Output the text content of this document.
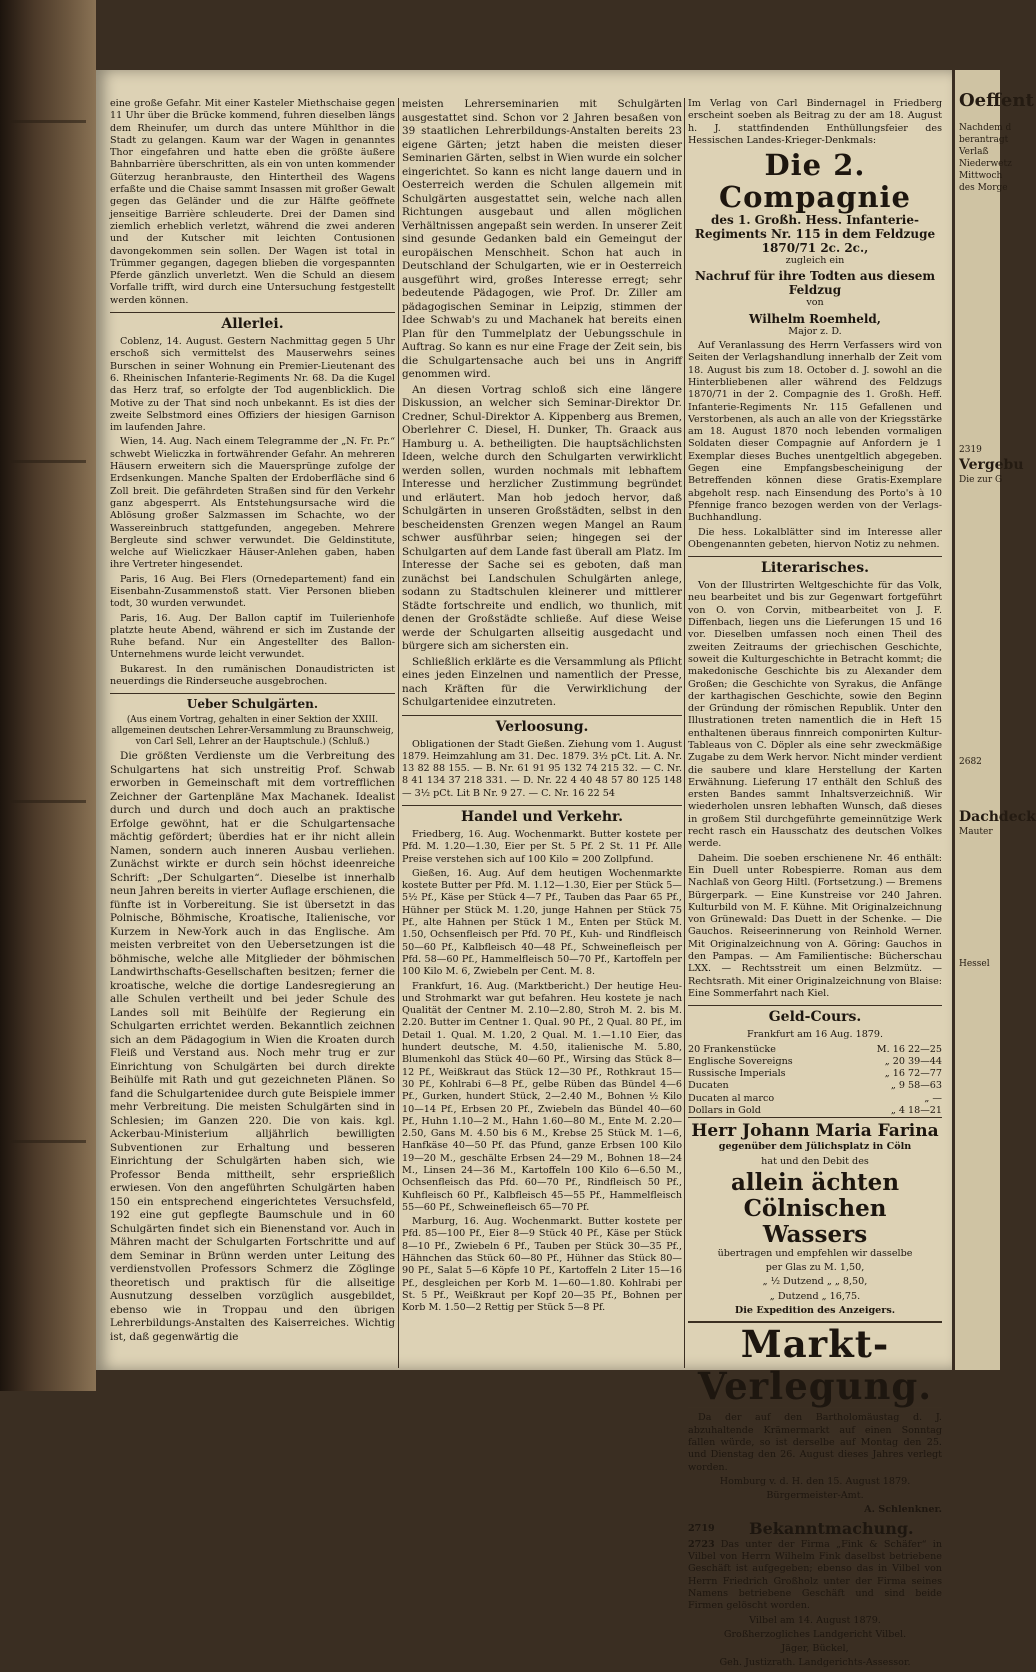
eine große Gefahr. Mit einer Kasteler Miethschaise gegen 11 Uhr über die Brücke kommend, fuhren dieselben längs dem Rheinufer, um durch das untere Mühlthor in die Stadt zu gelangen. Kaum war der Wagen in genanntes Thor eingefahren und hatte eben die größte äußere Bahnbarrière überschritten, als ein von unten kommender Güterzug heranbrauste, den Hintertheil des Wagens erfaßte und die Chaise sammt Insassen mit großer Gewalt gegen das Geländer und die zur Hälfte geöffnete jenseitige Barrière schleuderte. Drei der Damen sind ziemlich erheblich verletzt, während die zwei anderen und der Kutscher mit leichten Contusionen davongekommen sein sollen. Der Wagen ist total in Trümmer gegangen, dagegen blieben die vorgespannten Pferde gänzlich unverletzt. Wen die Schuld an diesem Vorfalle trifft, wird durch eine Untersuchung festgestellt werden können.

Allerlei.

Coblenz, 14. August. Gestern Nachmittag gegen 5 Uhr erschoß sich vermittelst des Mauserwehrs seines Burschen in seiner Wohnung ein Premier-Lieutenant des 6. Rheinischen Infanterie-Regiments Nr. 68. Da die Kugel das Herz traf, so erfolgte der Tod augenblicklich. Die Motive zu der That sind noch unbekannt. Es ist dies der zweite Selbstmord eines Offiziers der hiesigen Garnison im laufenden Jahre.

Wien, 14. Aug. Nach einem Telegramme der „N. Fr. Pr.“ schwebt Wieliczka in fortwährender Gefahr. An mehreren Häusern erweitern sich die Mauersprünge zufolge der Erdsenkungen. Manche Spalten der Erdoberfläche sind 6 Zoll breit. Die gefährdeten Straßen sind für den Verkehr ganz abgesperrt. Als Entstehungsursache wird die Ablösung großer Salzmassen im Schachte, wo der Wassereinbruch stattgefunden, angegeben. Mehrere Bergleute sind schwer verwundet. Die Geldinstitute, welche auf Wieliczkaer Häuser-Anlehen gaben, haben ihre Vertreter hingesendet.

Paris, 16 Aug. Bei Flers (Ornedepartement) fand ein Eisenbahn-Zusammenstoß statt. Vier Personen blieben todt, 30 wurden verwundet.

Paris, 16. Aug. Der Ballon captif im Tuilerienhofe platzte heute Abend, während er sich im Zustande der Ruhe befand. Nur ein Angestellter des Ballon-Unternehmens wurde leicht verwundet.

Bukarest. In den rumänischen Donaudistricten ist neuerdings die Rinderseuche ausgebrochen.

Ueber Schulgärten.

(Aus einem Vortrag, gehalten in einer Sektion der XXIII. allgemeinen deutschen Lehrer-Versammlung zu Braunschweig, von Carl Sell, Lehrer an der Hauptschule.) (Schluß.)

Die größten Verdienste um die Verbreitung des Schulgartens hat sich unstreitig Prof. Schwab erworben in Gemeinschaft mit dem vortrefflichen Zeichner der Gartenpläne Max Machanek. Idealist durch und durch und doch auch an praktische Erfolge gewöhnt, hat er die Schulgartensache mächtig gefördert; überdies hat er ihr nicht allein Namen, sondern auch inneren Ausbau verliehen. Zunächst wirkte er durch sein höchst ideenreiche Schrift: „Der Schulgarten“. Dieselbe ist innerhalb neun Jahren bereits in vierter Auflage erschienen, die fünfte ist in Vorbereitung. Sie ist übersetzt in das Polnische, Böhmische, Kroatische, Italienische, vor Kurzem in New-York auch in das Englische. Am meisten verbreitet von den Uebersetzungen ist die böhmische, welche alle Mitglieder der böhmischen Landwirthschafts-Gesellschaften besitzen; ferner die kroatische, welche die dortige Landesregierung an alle Schulen vertheilt und bei jeder Schule des Landes soll mit Beihülfe der Regierung ein Schulgarten errichtet werden. Bekanntlich zeichnen sich an dem Pädagogium in Wien die Kroaten durch Fleiß und Verstand aus. Noch mehr trug er zur Einrichtung von Schulgärten bei durch direkte Beihülfe mit Rath und gut gezeichneten Plänen. So fand die Schulgartenidee durch gute Beispiele immer mehr Verbreitung. Die meisten Schulgärten sind in Schlesien; im Ganzen 220. Die von kais. kgl. Ackerbau-Ministerium alljährlich bewilligten Subventionen zur Erhaltung und besseren Einrichtung der Schulgärten haben sich, wie Professor Benda mittheilt, sehr ersprießlich erwiesen. Von den angeführten Schulgärten haben 150 ein entsprechend eingerichtetes Versuchsfeld, 192 eine gut gepflegte Baumschule und in 60 Schulgärten findet sich ein Bienenstand vor. Auch in Mähren macht der Schulgarten Fortschritte und auf dem Seminar in Brünn werden unter Leitung des verdienstvollen Professors Schmerz die Zöglinge theoretisch und praktisch für die allseitige Ausnutzung desselben vorzüglich ausgebildet, ebenso wie in Troppau und den übrigen Lehrerbildungs-Anstalten des Kaiserreiches. Wichtig ist, daß gegenwärtig die

meisten Lehrerseminarien mit Schulgärten ausgestattet sind. Schon vor 2 Jahren besaßen von 39 staatlichen Lehrerbildungs-Anstalten bereits 23 eigene Gärten; jetzt haben die meisten dieser Seminarien Gärten, selbst in Wien wurde ein solcher eingerichtet. So kann es nicht lange dauern und in Oesterreich werden die Schulen allgemein mit Schulgärten ausgestattet sein, welche nach allen Richtungen ausgebaut und allen möglichen Verhältnissen angepaßt sein werden. In unserer Zeit sind gesunde Gedanken bald ein Gemeingut der europäischen Menschheit. Schon hat auch in Deutschland der Schulgarten, wie er in Oesterreich ausgeführt wird, großes Interesse erregt; sehr bedeutende Pädagogen, wie Prof. Dr. Ziller am pädagogischen Seminar in Leipzig, stimmen der Idee Schwab's zu und Machanek hat bereits einen Plan für den Tummelplatz der Uebungsschule in Auftrag. So kann es nur eine Frage der Zeit sein, bis die Schulgartensache auch bei uns in Angriff genommen wird.

An diesen Vortrag schloß sich eine längere Diskussion, an welcher sich Seminar-Direktor Dr. Credner, Schul-Direktor A. Kippenberg aus Bremen, Oberlehrer C. Diesel, H. Dunker, Th. Graack aus Hamburg u. A. betheiligten. Die hauptsächlichsten Ideen, welche durch den Schulgarten verwirklicht werden sollen, wurden nochmals mit lebhaftem Interesse und herzlicher Zustimmung begründet und erläutert. Man hob jedoch hervor, daß Schulgärten in unseren Großstädten, selbst in den bescheidensten Grenzen wegen Mangel an Raum schwer ausführbar seien; hingegen sei der Schulgarten auf dem Lande fast überall am Platz. Im Interesse der Sache sei es geboten, daß man zunächst bei Landschulen Schulgärten anlege, sodann zu Stadtschulen kleinerer und mittlerer Städte fortschreite und endlich, wo thunlich, mit denen der Großstädte schließe. Auf diese Weise werde der Schulgarten allseitig ausgedacht und bürgere sich am sichersten ein.

Schließlich erklärte es die Versammlung als Pflicht eines jeden Einzelnen und namentlich der Presse, nach Kräften für die Verwirklichung der Schulgartenidee einzutreten.

Verloosung.

Obligationen der Stadt Gießen. Ziehung vom 1. August 1879. Heimzahlung am 31. Dec. 1879. 3½ pCt. Lit. A. Nr. 13 82 88 155. — B. Nr. 61 91 95 132 74 215 32. — C. Nr. 8 41 134 37 218 331. — D. Nr. 22 4 40 48 57 80 125 148 — 3½ pCt. Lit B Nr. 9 27. — C. Nr. 16 22 54

Handel und Verkehr.

Friedberg, 16. Aug. Wochenmarkt. Butter kostete per Pfd. M. 1.20—1.30, Eier per St. 5 Pf. 2 St. 11 Pf. Alle Preise verstehen sich auf 100 Kilo = 200 Zollpfund.

Gießen, 16. Aug. Auf dem heutigen Wochenmarkte kostete Butter per Pfd. M. 1.12—1.30, Eier per Stück 5—5½ Pf., Käse per Stück 4—7 Pf., Tauben das Paar 65 Pf., Hühner per Stück M. 1.20, junge Hahnen per Stück 75 Pf., alte Hahnen per Stück 1 M., Enten per Stück M. 1.50, Ochsenfleisch per Pfd. 70 Pf., Kuh- und Rindfleisch 50—60 Pf., Kalbfleisch 40—48 Pf., Schweinefleisch per Pfd. 58—60 Pf., Hammelfleisch 50—70 Pf., Kartoffeln per 100 Kilo M. 6, Zwiebeln per Cent. M. 8.

Frankfurt, 16. Aug. (Marktbericht.) Der heutige Heu- und Strohmarkt war gut befahren. Heu kostete je nach Qualität der Centner M. 2.10—2.80, Stroh M. 2. bis M. 2.20. Butter im Centner 1. Qual. 90 Pf., 2 Qual. 80 Pf., im Detail 1. Qual. M. 1.20, 2 Qual. M. 1.—1.10 Eier, das hundert deutsche, M. 4.50, italienische M. 5.80, Blumenkohl das Stück 40—60 Pf., Wirsing das Stück 8—12 Pf., Weißkraut das Stück 12—30 Pf., Rothkraut 15—30 Pf., Kohlrabi 6—8 Pf., gelbe Rüben das Bündel 4—6 Pf., Gurken, hundert Stück, 2—2.40 M., Bohnen ½ Kilo 10—14 Pf., Erbsen 20 Pf., Zwiebeln das Bündel 40—60 Pf., Huhn 1.10—2 M., Hahn 1.60—80 M., Ente M. 2.20—2.50, Gans M. 4.50 bis 6 M., Krebse 25 Stück M. 1—6, Hanfkäse 40—50 Pf. das Pfund, ganze Erbsen 100 Kilo 19—20 M., geschälte Erbsen 24—29 M., Bohnen 18—24 M., Linsen 24—36 M., Kartoffeln 100 Kilo 6—6.50 M., Ochsenfleisch das Pfd. 60—70 Pf., Rindfleisch 50 Pf., Kuhfleisch 60 Pf., Kalbfleisch 45—55 Pf., Hammelfleisch 55—60 Pf., Schweinefleisch 65—70 Pf.

Marburg, 16. Aug. Wochenmarkt. Butter kostete per Pfd. 85—100 Pf., Eier 8—9 Stück 40 Pf., Käse per Stück 8—10 Pf., Zwiebeln 6 Pf., Tauben per Stück 30—35 Pf., Hähnchen das Stück 60—80 Pf., Hühner das Stück 80—90 Pf., Salat 5—6 Köpfe 10 Pf., Kartoffeln 2 Liter 15—16 Pf., desgleichen per Korb M. 1—60—1.80. Kohlrabi per St. 5 Pf., Weißkraut per Kopf 20—35 Pf., Bohnen per Korb M. 1.50—2 Rettig per Stück 5—8 Pf.

Im Verlag von Carl Bindernagel in Friedberg erscheint soeben als Beitrag zu der am 18. August h. J. stattfindenden Enthüllungsfeier des Hessischen Landes-Krieger-Denkmals:

Die 2. Compagnie
des 1. Großh. Hess. Infanterie-Regiments Nr. 115 in dem Feldzuge 1870/71 2c. 2c.,

zugleich ein

Nachruf für ihre Todten aus diesem Feldzug

von

Wilhelm Roemheld,

Major z. D.

Auf Veranlassung des Herrn Verfassers wird von Seiten der Verlagshandlung innerhalb der Zeit vom 18. August bis zum 18. October d. J. sowohl an die Hinterbliebenen aller während des Feldzugs 1870/71 in der 2. Compagnie des 1. Großh. Heff. Infanterie-Regiments Nr. 115 Gefallenen und Verstorbenen, als auch an alle von der Kriegsstärke am 18. August 1870 noch lebenden vormaligen Soldaten dieser Compagnie auf Anfordern je 1 Exemplar dieses Buches unentgeltlich abgegeben. Gegen eine Empfangsbescheinigung der Betreffenden können diese Gratis-Exemplare abgeholt resp. nach Einsendung des Porto's à 10 Pfennige franco bezogen werden von der Verlags-Buchhandlung.

Die hess. Lokalblätter sind im Interesse aller Obengenannten gebeten, hiervon Notiz zu nehmen.

Literarisches.

Von der Illustrirten Weltgeschichte für das Volk, neu bearbeitet und bis zur Gegenwart fortgeführt von O. von Corvin, mitbearbeitet von J. F. Diffenbach, liegen uns die Lieferungen 15 und 16 vor. Dieselben umfassen noch einen Theil des zweiten Zeitraums der griechischen Geschichte, soweit die Kulturgeschichte in Betracht kommt; die makedonische Geschichte bis zu Alexander dem Großen; die Geschichte von Syrakus, die Anfänge der karthagischen Geschichte, sowie den Beginn der Gründung der römischen Republik. Unter den Illustrationen treten namentlich die in Heft 15 enthaltenen überaus finnreich componirten Kultur-Tableaus von C. Döpler als eine sehr zweckmäßige Zugabe zu dem Werk hervor. Nicht minder verdient die saubere und klare Herstellung der Karten Erwähnung. Lieferung 17 enthält den Schluß des ersten Bandes sammt Inhaltsverzeichniß. Wir wiederholen unsren lebhaften Wunsch, daß dieses in großem Stil durchgeführte gemeinnützige Werk recht rasch ein Hausschatz des deutschen Volkes werde.

Daheim. Die soeben erschienene Nr. 46 enthält: Ein Duell unter Robespierre. Roman aus dem Nachlaß von Georg Hiltl. (Fortsetzung.) — Bremens Bürgerpark. — Eine Kunstreise vor 240 Jahren. Kulturbild von M. F. Kühne. Mit Originalzeichnung von Grünewald: Das Duett in der Schenke. — Die Gauchos. Reiseerinnerung von Reinhold Werner. Mit Originalzeichnung von A. Göring: Gauchos in den Pampas. — Am Familientische: Bücherschau LXX. — Rechtsstreit um einen Belzmütz. — Rechtsrath. Mit einer Originalzeichnung von Blaise: Eine Sommerfahrt nach Kiel.

Geld-Cours.

Frankfurt am 16 Aug. 1879.

20 Frankenstücke	M. 16 22—25
Englische Sovereigns	„ 20 39—44
Russische Imperials	„ 16 72—77
Ducaten	„ 9 58—63
Ducaten al marco	„ —
Dollars in Gold	„ 4 18—21
Herr Johann Maria Farina

gegenüber dem Jülichsplatz in Cöln

hat und den Debit des

allein ächten Cölnischen Wassers

übertragen und empfehlen wir dasselbe

per Glas zu M. 1,50,

„ ½ Dutzend „ „ 8,50,

„ Dutzend „ 16,75.

Die Expedition des Anzeigers.

Markt-Verlegung.

Da der auf den Bartholomäustag d. J. abzuhaltende Krämermarkt auf einen Sonntag fallen würde, so ist derselbe auf Montag den 25. und Dienstag den 26. August dieses Jahres verlegt worden.

Homburg v. d. H. den 15. August 1879.

Bürgermeister-Amt.

A. Schlenkner.

2719 Bekanntmachung.

2723 Das unter der Firma „Fink & Schäfer“ in Vilbel von Herrn Wilhelm Fink daselbst betriebene Geschäft ist aufgegeben; ebenso das in Vilbel von Herrn Friedrich Großholz unter der Firma seines Namens betriebene Geschäft und sind beide Firmen gelöscht worden.

Vilbel am 14. August 1879.

Großherzogliches Landgericht Vilbel.

Jäger, Bückel,

Geh. Justizrath. Landgerichts-Assessor.

Oeffent
Nachdem d
berantragt
Verlaß
Niederwetz
Mittwoch
des Morge
2319
Vergebu
Die zur G
2682
Dachdeck
Mauter
Hessel
